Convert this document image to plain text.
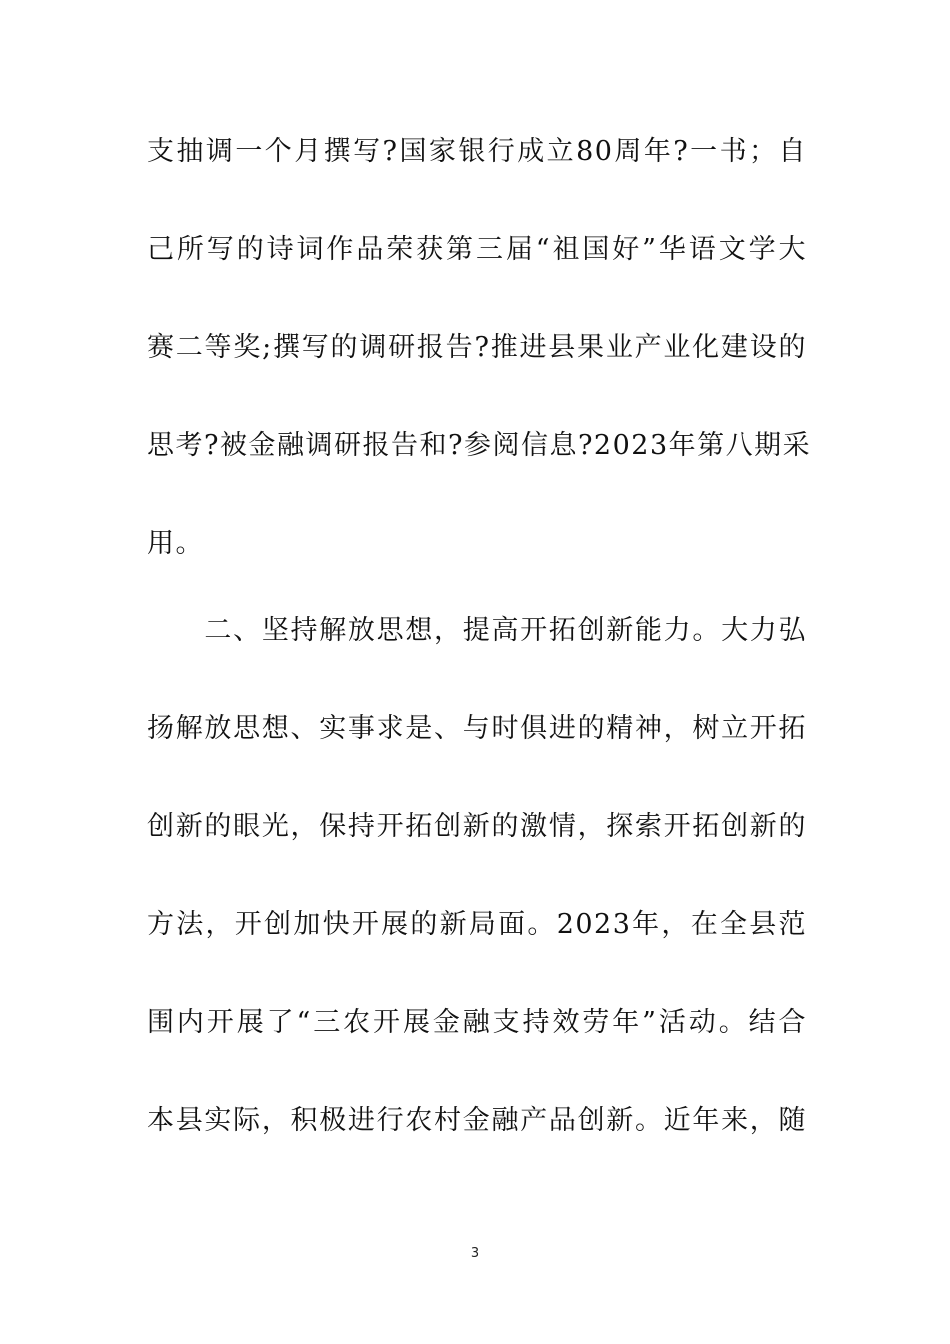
支抽调一个月撰写?国家银行成立80周年?一书；自
己所写的诗词作品荣获第三届“祖国好”华语文学大
赛二等奖;撰写的调研报告?推进县果业产业化建设的
思考?被金融调研报告和?参阅信息?2023年第八期采
用。
　　二、坚持解放思想，提高开拓创新能力。大力弘
扬解放思想、实事求是、与时俱进的精神，树立开拓
创新的眼光，保持开拓创新的激情，探索开拓创新的
方法，开创加快开展的新局面。2023年，在全县范
围内开展了“三农开展金融支持效劳年”活动。结合
本县实际，积极进行农村金融产品创新。近年来，随
3
